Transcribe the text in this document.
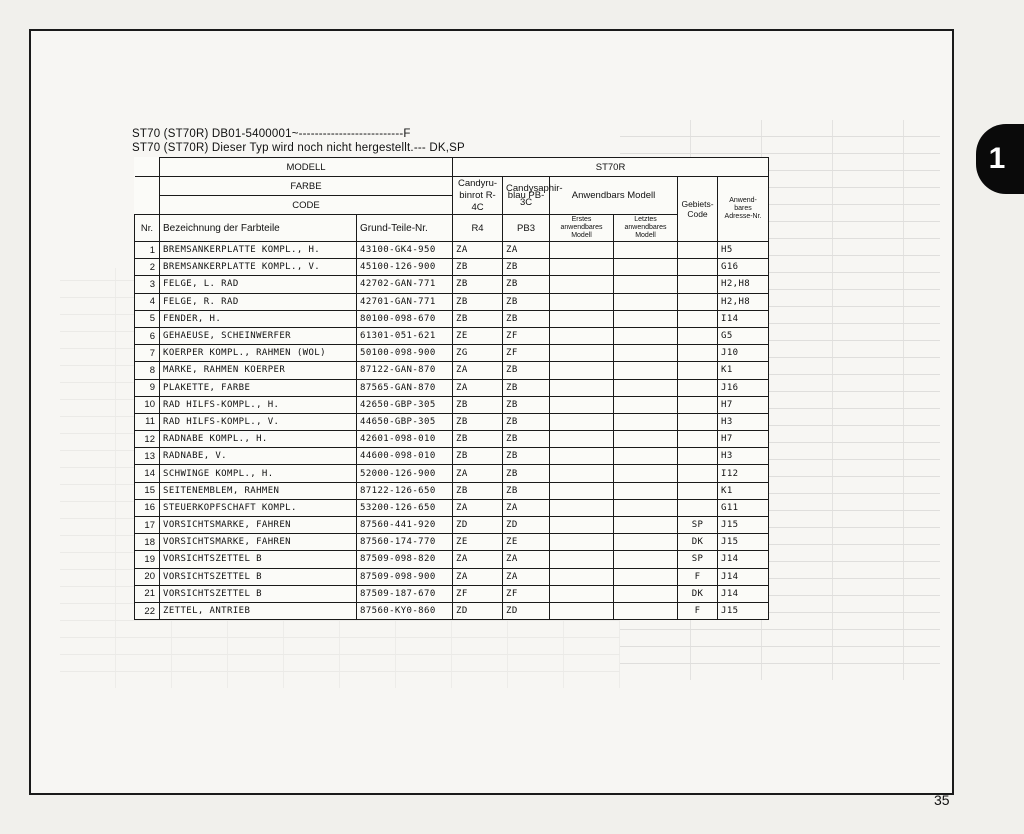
1
ST70 (ST70R) DB01-5400001~--------------------------F
ST70 (ST70R) Dieser Typ wird noch nicht hergestellt.--- DK,SP
	MODELL		ST70R					
	FARBE		Candyru-binrot R-4C	Candysaphir-blau PB-3C	Anwendbars Modell		Gebiets-Code	Anwend-bares Adresse-Nr.
	CODE							
Nr.	Bezeichnung der Farbteile	Grund-Teile-Nr.	R4	PB3	Erstes anwendbares Modell	Letztes anwendbares Modell		
1	BREMSANKERPLATTE KOMPL., H.	43100-GK4-950	ZA	ZA				H5
2	BREMSANKERPLATTE KOMPL., V.	45100-126-900	ZB	ZB				G16
3	FELGE, L. RAD	42702-GAN-771	ZB	ZB				H2,H8
4	FELGE, R. RAD	42701-GAN-771	ZB	ZB				H2,H8
5	FENDER, H.	80100-098-670	ZB	ZB				I14
6	GEHAEUSE, SCHEINWERFER	61301-051-621	ZE	ZF				G5
7	KOERPER KOMPL., RAHMEN (WOL)	50100-098-900	ZG	ZF				J10
8	MARKE, RAHMEN KOERPER	87122-GAN-870	ZA	ZB				K1
9	PLAKETTE, FARBE	87565-GAN-870	ZA	ZB				J16
10	RAD HILFS-KOMPL., H.	42650-GBP-305	ZB	ZB				H7
11	RAD HILFS-KOMPL., V.	44650-GBP-305	ZB	ZB				H3
12	RADNABE KOMPL., H.	42601-098-010	ZB	ZB				H7
13	RADNABE, V.	44600-098-010	ZB	ZB				H3
14	SCHWINGE KOMPL., H.	52000-126-900	ZA	ZB				I12
15	SEITENEMBLEM, RAHMEN	87122-126-650	ZB	ZB				K1
16	STEUERKOPFSCHAFT KOMPL.	53200-126-650	ZA	ZA				G11
17	VORSICHTSMARKE, FAHREN	87560-441-920	ZD	ZD			SP	J15
18	VORSICHTSMARKE, FAHREN	87560-174-770	ZE	ZE			DK	J15
19	VORSICHTSZETTEL B	87509-098-820	ZA	ZA			SP	J14
20	VORSICHTSZETTEL B	87509-098-900	ZA	ZA			F	J14
21	VORSICHTSZETTEL B	87509-187-670	ZF	ZF			DK	J14
22	ZETTEL, ANTRIEB	87560-KY0-860	ZD	ZD			F	J15
35
